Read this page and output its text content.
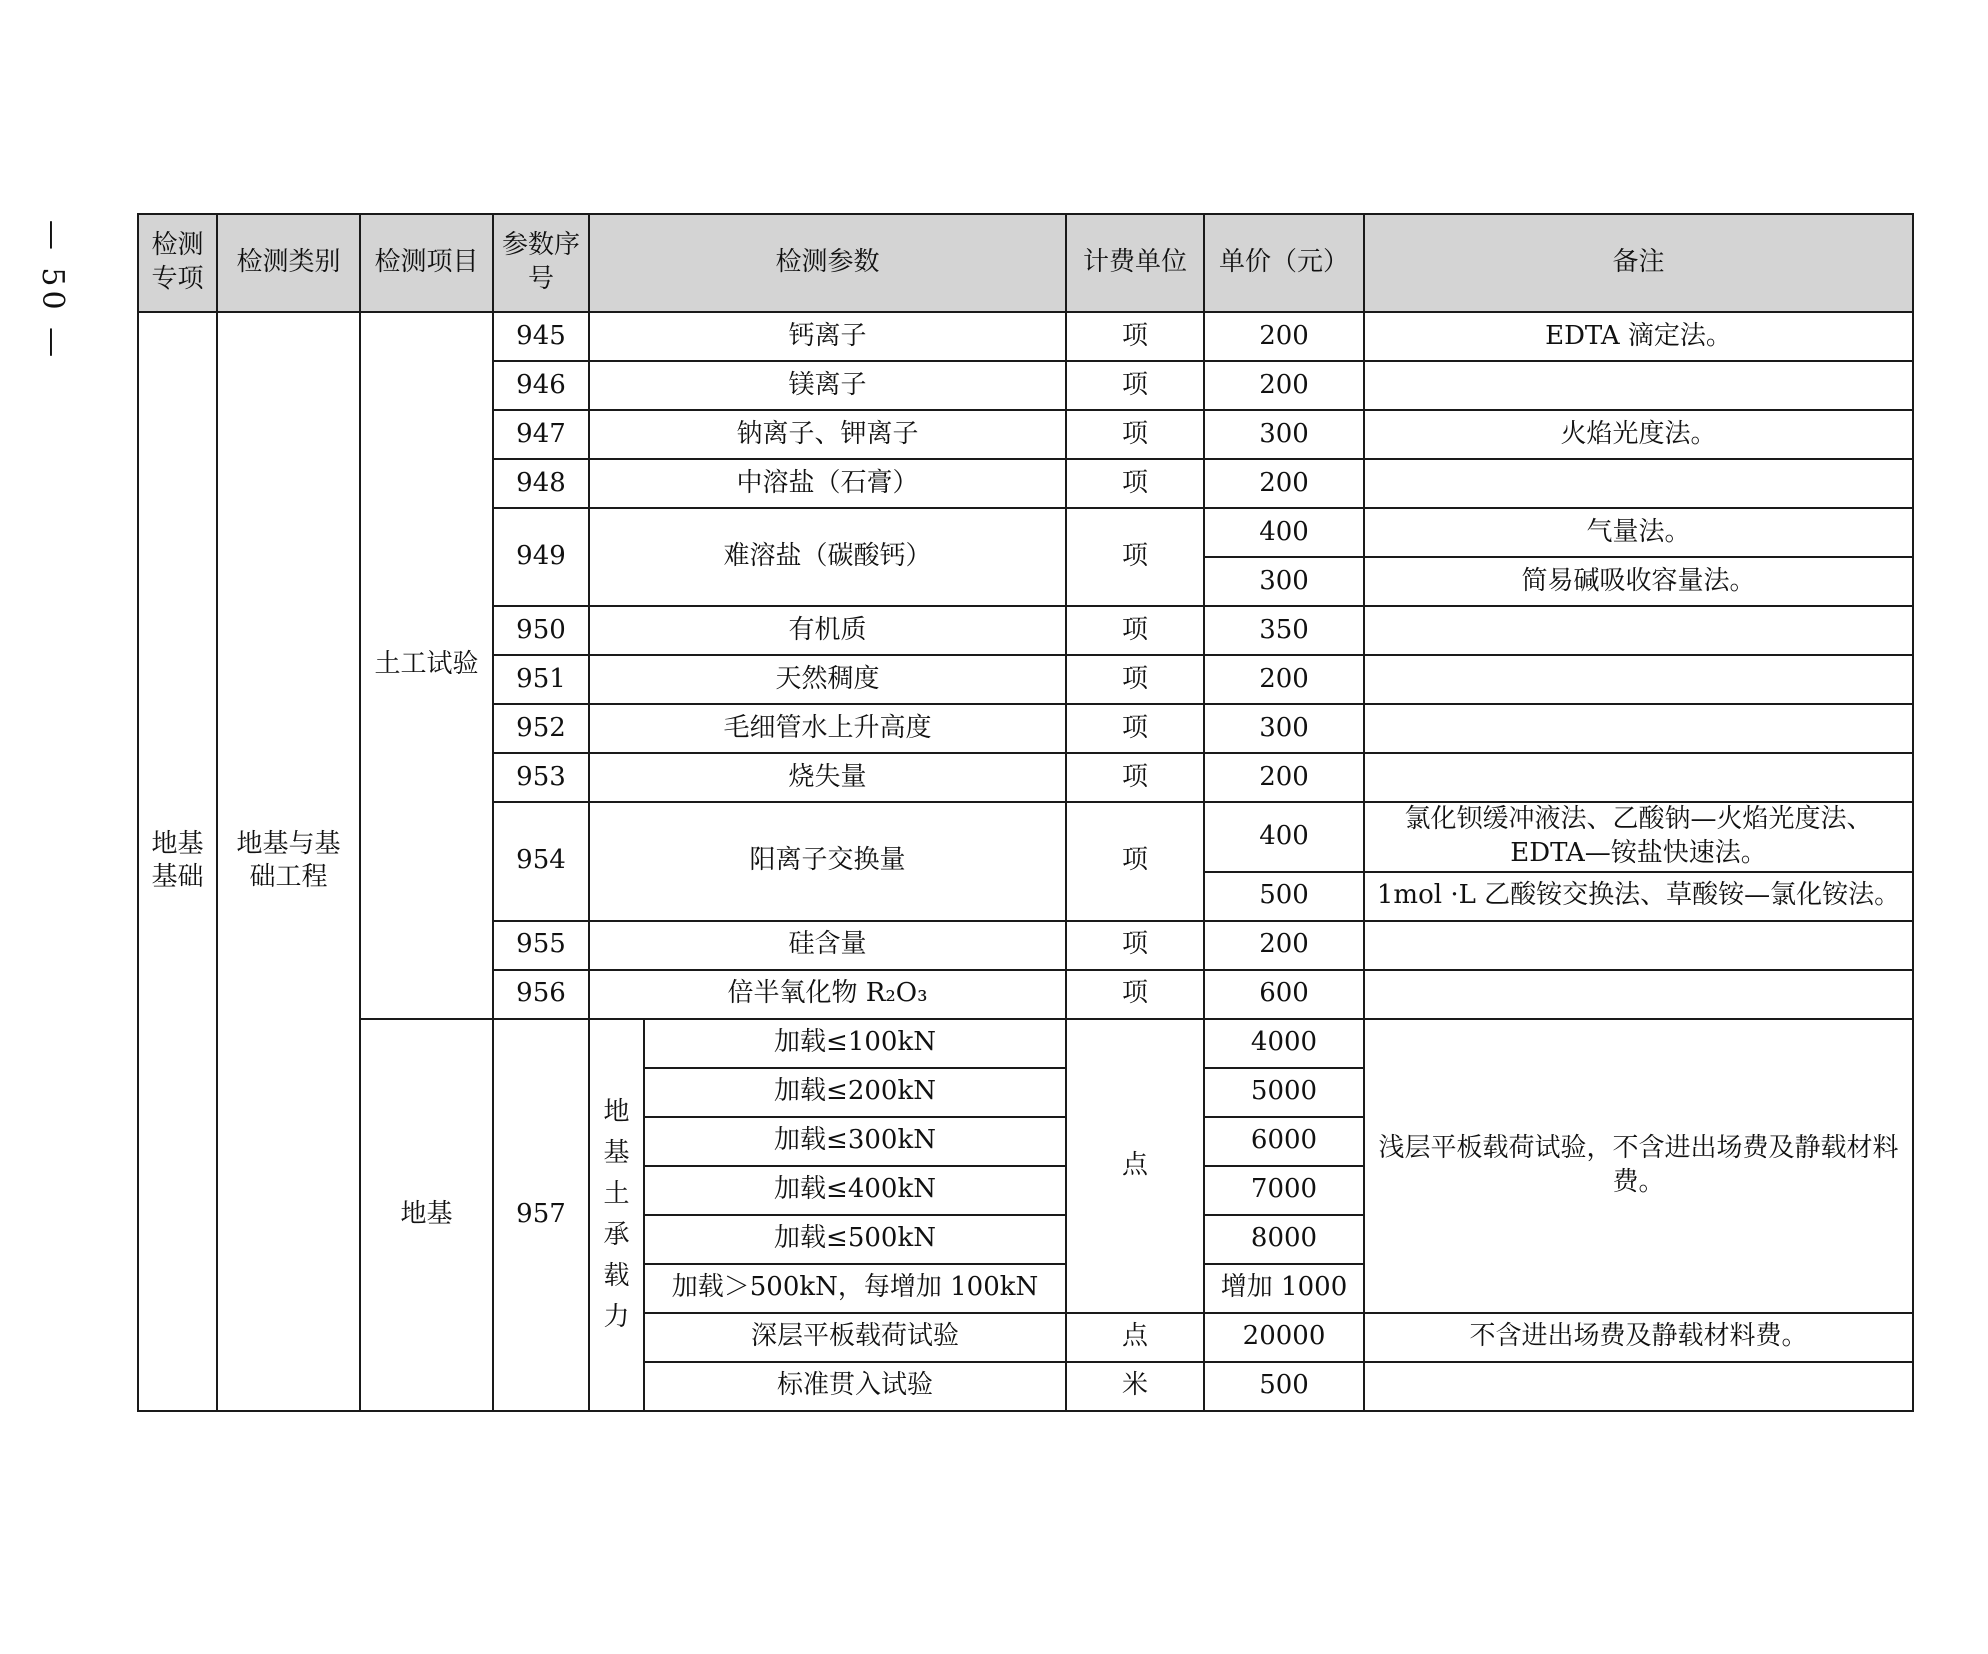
— 50 —	检测专项	检测类别	检测项目	参数序号	检测参数		计费单位	单价（元）	备注
地基基础	地基与基础工程	土工试验	945	钙离子		项	200	EDTA 滴定法。
			946	镁离子		项	200	
			947	钠离子、钾离子		项	300	火焰光度法。
			948	中溶盐（石膏）		项	200	
			949	难溶盐（碳酸钙）		项	400	气量法。
							300	简易碱吸收容量法。
			950	有机质		项	350	
			951	天然稠度		项	200	
			952	毛细管水上升高度		项	300	
			953	烧失量		项	200	
			954	阳离子交换量		项	400	氯化钡缓冲液法、乙酸钠—火焰光度法、EDTA—铵盐快速法。
							500	1mol ·L 乙酸铵交换法、草酸铵—氯化铵法。
			955	硅含量		项	200	
			956	倍半氧化物 R₂O₃		项	600	
		地基	957	地基土承载力	加载≤100kN	点	4000	浅层平板载荷试验，不含进出场费及静载材料费。
					加载≤200kN		5000	
					加载≤300kN		6000	
					加载≤400kN		7000	
					加载≤500kN		8000	
					加载＞500kN，每增加 100kN		增加 1000	
					深层平板载荷试验	点	20000	不含进出场费及静载材料费。
					标准贯入试验	米	500	
